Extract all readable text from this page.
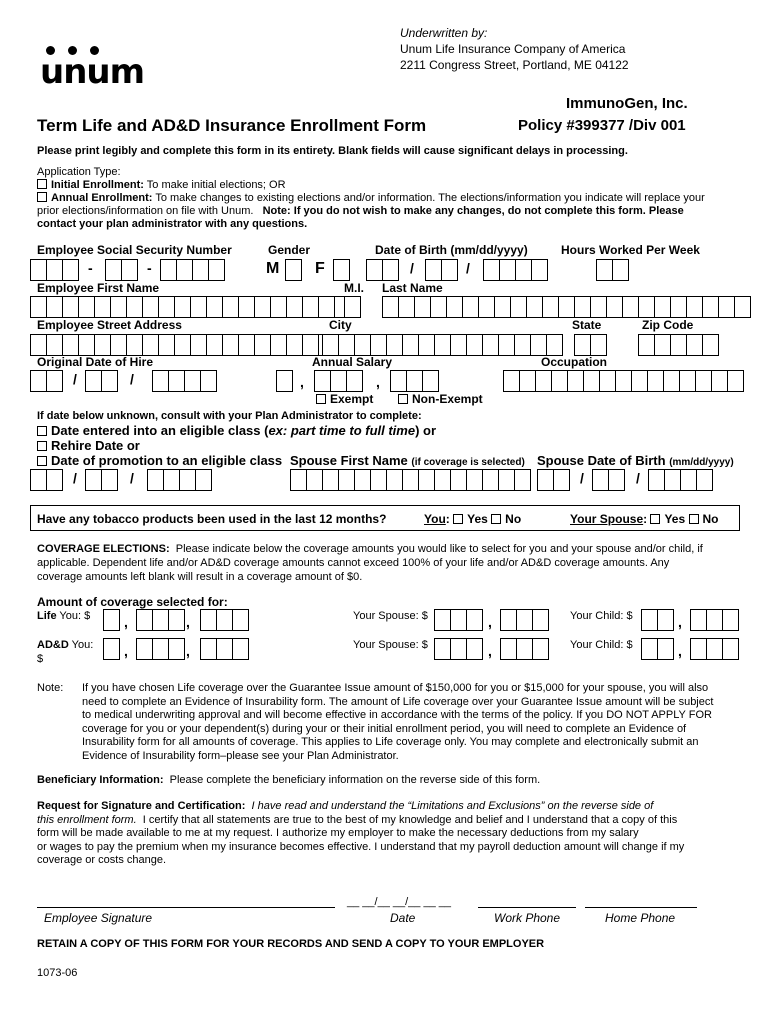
unum
Underwritten by:
Unum Life Insurance Company of America
2211 Congress Street, Portland, ME 04122
ImmunoGen, Inc.
Policy #399377 /Div 001
Term Life and AD&D Insurance Enrollment Form
Please print legibly and complete this form in its entirety. Blank fields will cause significant delays in processing.
Application Type:
Initial Enrollment: To make initial elections; OR
Annual Enrollment: To make changes to existing elections and/or information. The elections/information you indicate will replace your
prior elections/information on file with Unum. Note: If you do not wish to make any changes, do not complete this form. Please
contact your plan administrator with any questions.
Employee Social Security Number	Gender	Date of Birth (mm/dd/yyyy)	Hours Worked Per Week
-	-	M F	/	/
Employee First Name	M.I. Last Name
Employee Street Address	City	State	Zip Code
Original Date of Hire	Annual Salary	Occupation
/	/	,	,
Exempt	Non-Exempt
If date below unknown, consult with your Plan Administrator to complete:
Date entered into an eligible class (ex: part time to full time) or
Rehire Date or
Date of promotion to an eligible class Spouse First Name (if coverage is selected) Spouse Date of Birth (mm/dd/yyyy)
/	/	/	/
Have any tobacco products been used in the last 12 months?	You: Yes No	Your Spouse: Yes No
COVERAGE ELECTIONS: Please indicate below the coverage amounts you would like to select for you and your spouse and/or child, if
applicable. Dependent life and/or AD&D coverage amounts cannot exceed 100% of your life and/or AD&D coverage amounts. Any
coverage amounts left blank will result in a coverage amount of $0.
Amount of coverage selected for:
Life You: $ ,	,	Your Spouse: $	,	Your Child: $	,
AD&D You:
$	,	,	Your Spouse: $	,	Your Child: $	,
Note: If you have chosen Life coverage over the Guarantee Issue amount of $150,000 for you or $15,000 for your spouse, you will also
need to complete an Evidence of Insurability form. The amount of Life coverage over your Guarantee Issue amount will be subject
to medical underwriting approval and will become effective in accordance with the terms of the policy. If you DO NOT APPLY FOR
coverage for you or your dependent(s) during your or their initial enrollment period, you will need to complete an Evidence of
Insurability form for all amounts of coverage. This applies to Life coverage only. You may complete and electronically submit an
Evidence of Insurability form–please see your Plan Administrator.
Beneficiary Information: Please complete the beneficiary information on the reverse side of this form.
Request for Signature and Certification: I have read and understand the “Limitations and Exclusions” on the reverse side of
this enrollment form. I certify that all statements are true to the best of my knowledge and belief and I understand that a copy of this
form will be made available to me at my request. I authorize my employer to make the necessary deductions from my salary
or wages to pay the premium when my insurance becomes effective. I understand that my payroll deduction amount will change if my
coverage or costs change.
Employee Signature
__ __/__ __/__ __ __
Date	Work Phone	Home Phone
RETAIN A COPY OF THIS FORM FOR YOUR RECORDS AND SEND A COPY TO YOUR EMPLOYER
1073-06
